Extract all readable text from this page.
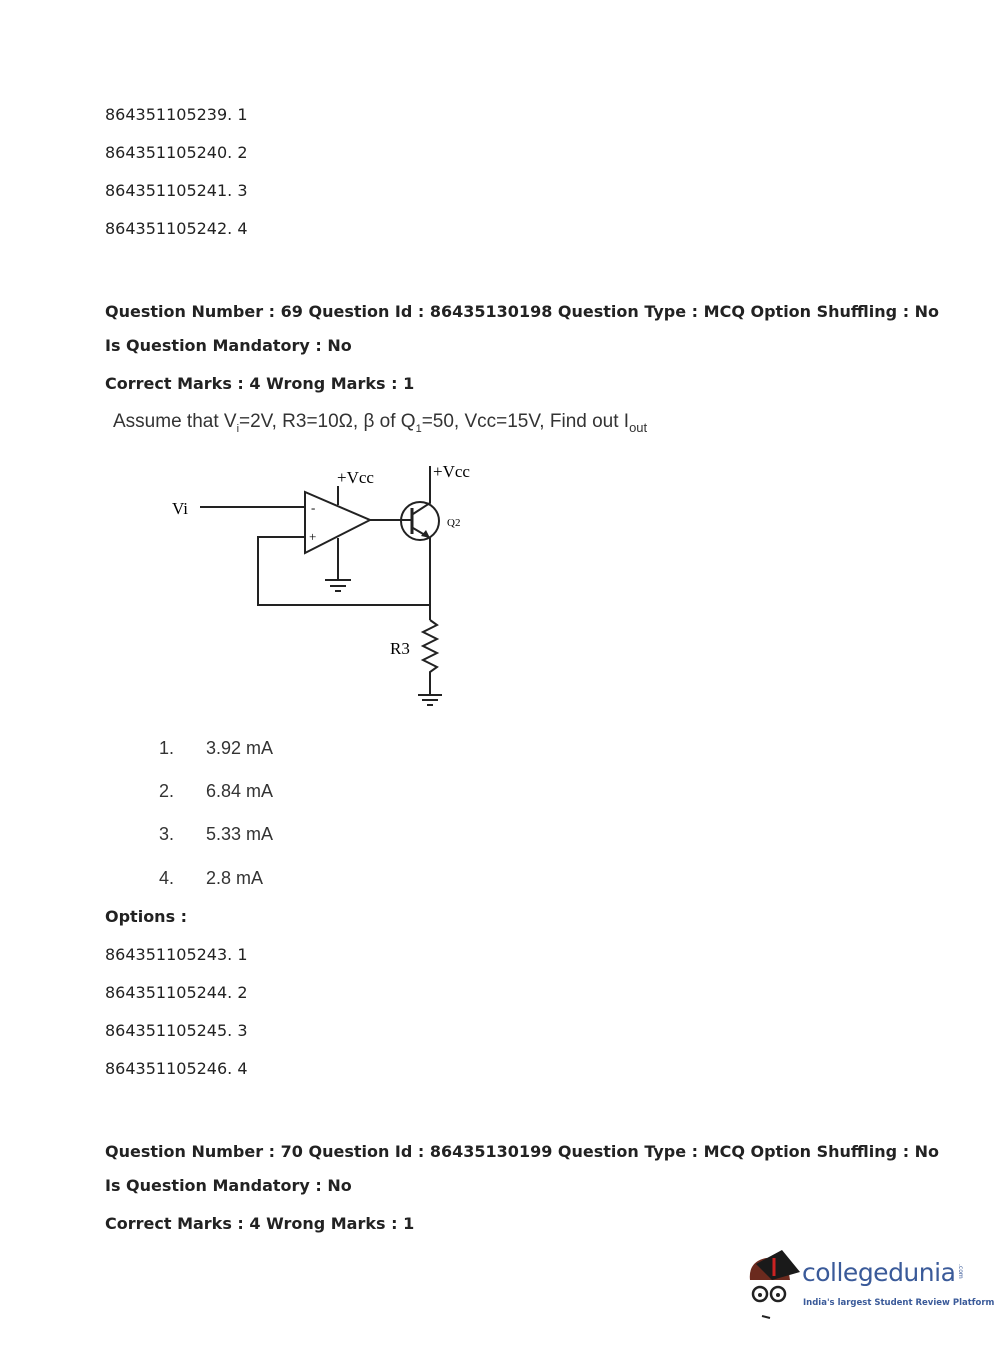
864351105239. 1
864351105240. 2
864351105241. 3
864351105242. 4
Question Number : 69 Question Id : 86435130198 Question Type : MCQ Option Shuffling : No
Is Question Mandatory : No
Correct Marks : 4 Wrong Marks : 1
Assume that $V_i=2V$, R3=10Ω, β of $Q_1=50$, Vcc=15V, Find out $I_{out}$
Vi	-
+
+Vcc	+Vcc
Q2
R3
1. 3.92 mA
2. 6.84 mA
3. 5.33 mA
4. 2.8 mA
Options :
864351105243. 1
864351105244. 2
864351105245. 3
864351105246. 4
Question Number : 70 Question Id : 86435130199 Question Type : MCQ Option Shuffling : No
Is Question Mandatory : No
Correct Marks : 4 Wrong Marks : 1
collegedunia .com
India's largest Student Review Platform
